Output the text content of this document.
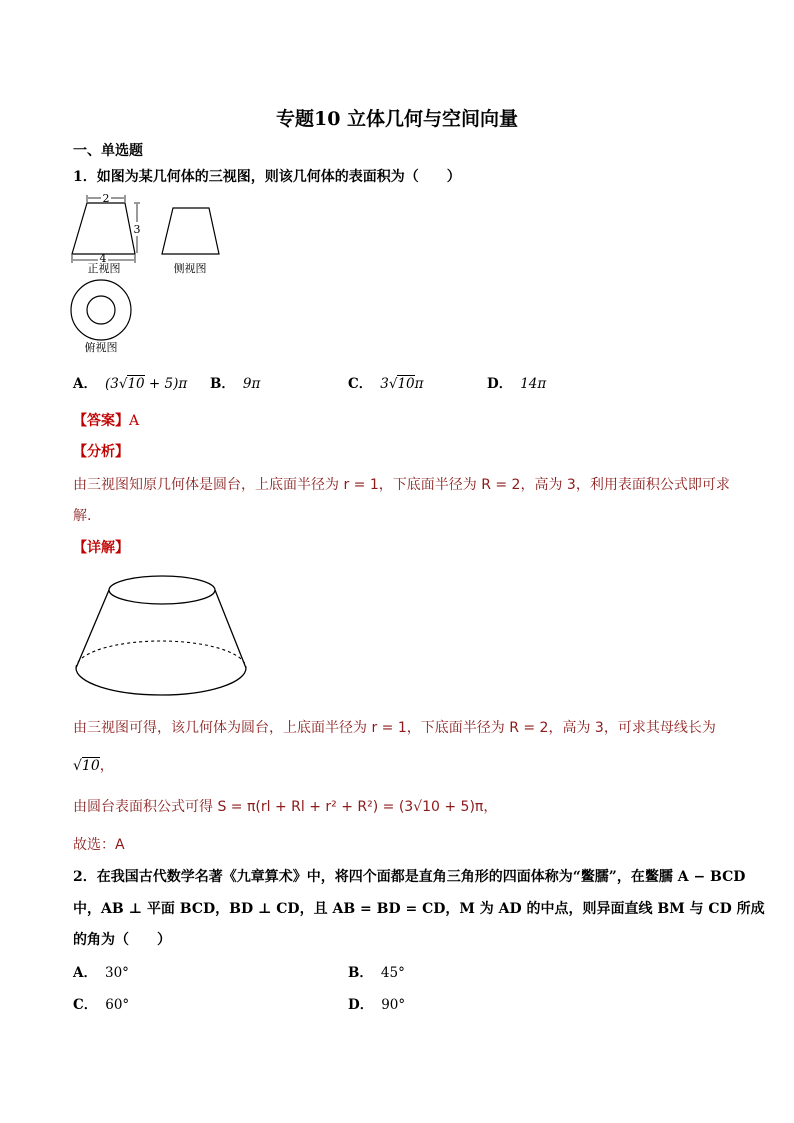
专题10 立体几何与空间向量
一、单选题
1．如图为某几何体的三视图，则该几何体的表面积为（　　）
2
3
4
正视图	侧视图
俯视图
A． (3√10 + 5)π B． 9π	C． 3√10π	D． 14π
【答案】A
【分析】
由三视图知原几何体是圆台，上底面半径为 r = 1，下底面半径为 R = 2，高为 3，利用表面积公式即可求
解.
【详解】
由三视图可得，该几何体为圆台，上底面半径为 r = 1，下底面半径为 R = 2，高为 3，可求其母线长为
√10，
由圆台表面积公式可得 S = π(rl + Rl + r² + R²) = (3√10 + 5)π，
故选：A
2．在我国古代数学名著《九章算术》中，将四个面都是直角三角形的四面体称为“鳖臑”，在鳖臑 A − BCD
中，AB ⊥ 平面 BCD，BD ⊥ CD，且 AB = BD = CD，M 为 AD 的中点，则异面直线 BM 与 CD 所成
的角为（　　）
A． 30°	B． 45°
C． 60°	D． 90°
